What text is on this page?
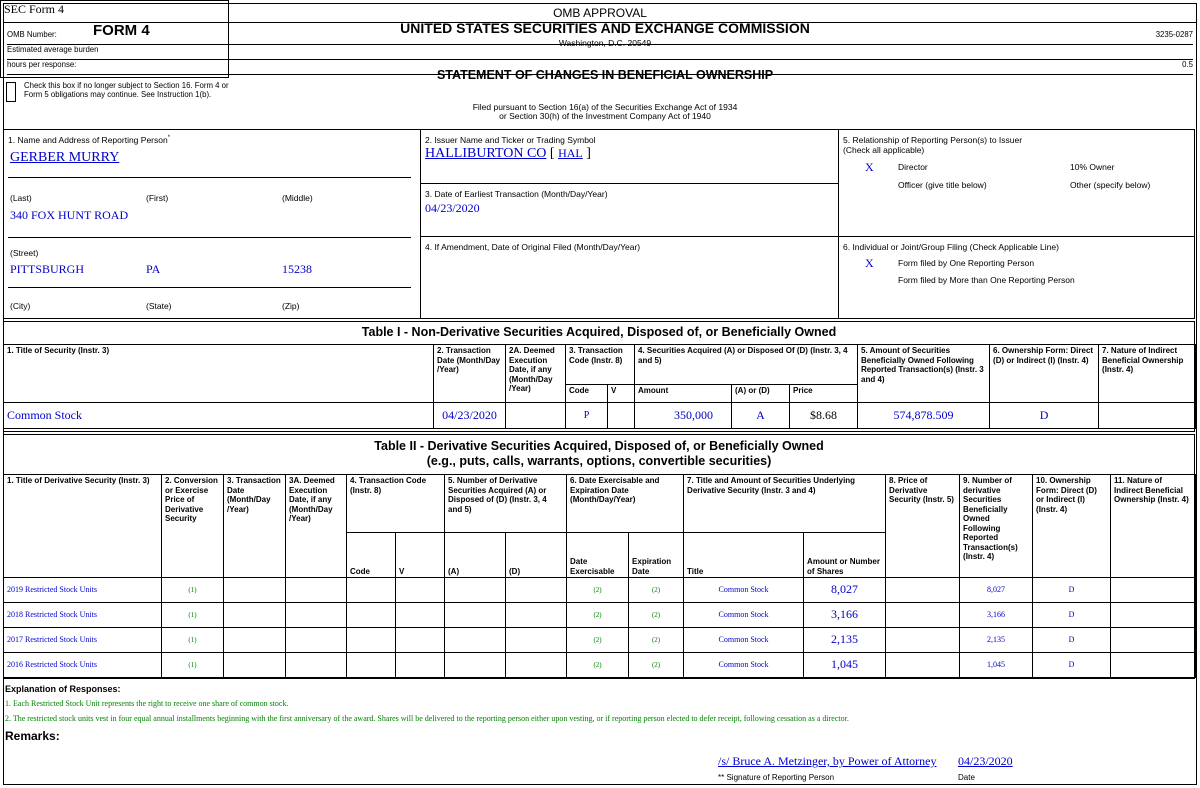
SEC Form 4
FORM 4	UNITED STATES SECURITIES AND EXCHANGE COMMISSION
Washington, D.C. 20549
STATEMENT OF CHANGES IN BENEFICIAL OWNERSHIP
Filed pursuant to Section 16(a) of the Securities Exchange Act of 1934
or Section 30(h) of the Investment Company Act of 1940
Check this box if no longer subject to Section 16. Form 4 or Form 5 obligations may continue. See Instruction 1(b).
OMB APPROVAL
OMB Number:	3235-0287
Estimated average burden
hours per response:	0.5
1. Name and Address of Reporting Person*
GERBER MURRY
(Last)	(First)	(Middle)
340 FOX HUNT ROAD
(Street)
PITTSBURGH	PA	15238
(City)	(State)	(Zip)
2. Issuer Name and Ticker or Trading Symbol
HALLIBURTON CO [ HAL ]
3. Date of Earliest Transaction (Month/Day/Year)
04/23/2020
4. If Amendment, Date of Original Filed (Month/Day/Year)
5. Relationship of Reporting Person(s) to Issuer
(Check all applicable)
X	Director	10% Owner
Officer (give title below)	Other (specify below)
6. Individual or Joint/Group Filing (Check Applicable Line)
X	Form filed by One Reporting Person
Form filed by More than One Reporting Person
Table I - Non-Derivative Securities Acquired, Disposed of, or Beneficially Owned
1. Title of Security (Instr. 3)	2. Transaction Date (Month/Day /Year)	2A. Deemed Execution Date, if any (Month/Day /Year)	3. Transaction Code (Instr. 8)		4. Securities Acquired (A) or Disposed Of (D) (Instr. 3, 4 and 5)			5. Amount of Securities Beneficially Owned Following Reported Transaction(s) (Instr. 3 and 4)	6. Ownership Form: Direct (D) or Indirect (I) (Instr. 4)	7. Nature of Indirect Beneficial Ownership (Instr. 4)
			Code	V	Amount	(A) or (D)	Price			
Common Stock	04/23/2020		P		350,000	A	$8.68	574,878.509	D	
Table II - Derivative Securities Acquired, Disposed of, or Beneficially Owned
(e.g., puts, calls, warrants, options, convertible securities)
1. Title of Derivative Security (Instr. 3)	2. Conversion or Exercise Price of Derivative Security	3. Transaction Date (Month/Day /Year)	3A. Deemed Execution Date, if any (Month/Day /Year)	4. Transaction Code (Instr. 8)		5. Number of Derivative Securities Acquired (A) or Disposed of (D) (Instr. 3, 4 and 5)		6. Date Exercisable and Expiration Date (Month/Day/Year)		7. Title and Amount of Securities Underlying Derivative Security (Instr. 3 and 4)		8. Price of Derivative Security (Instr. 5)	9. Number of derivative Securities Beneficially Owned Following Reported Transaction(s) (Instr. 4)	10. Ownership Form: Direct (D) or Indirect (I) (Instr. 4)	11. Nature of Indirect Beneficial Ownership (Instr. 4)
				Code	V	(A)	(D)	Date Exercisable	Expiration Date	Title	Amount or Number of Shares				
2019 Restricted Stock Units	(1)							(2)	(2)	Common Stock	8,027		8,027	D	
2018 Restricted Stock Units	(1)							(2)	(2)	Common Stock	3,166		3,166	D	
2017 Restricted Stock Units	(1)							(2)	(2)	Common Stock	2,135		2,135	D	
2016 Restricted Stock Units	(1)							(2)	(2)	Common Stock	1,045		1,045	D	
Explanation of Responses:
1. Each Restricted Stock Unit represents the right to receive one share of common stock.
2. The restricted stock units vest in four equal annual installments beginning with the first anniversary of the award. Shares will be delivered to the reporting person either upon vesting, or if reporting person elected to defer receipt, following cessation as a director.
Remarks:
/s/ Bruce A. Metzinger, by Power of Attorney 04/23/2020
** Signature of Reporting Person	Date
